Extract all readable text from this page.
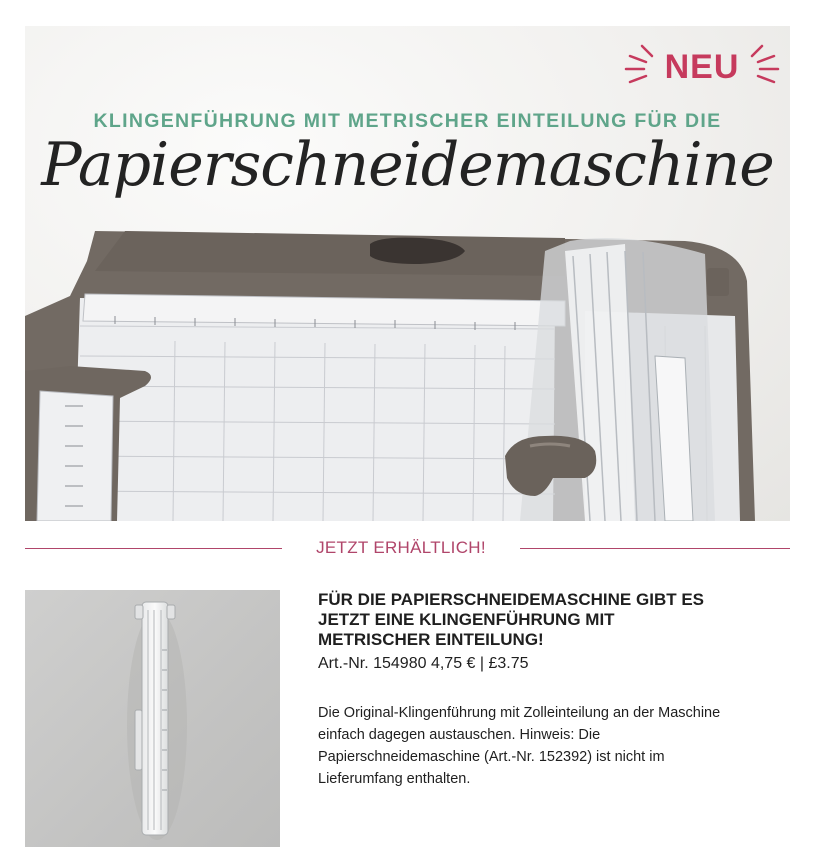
NEU
KLINGENFÜHRUNG MIT METRISCHER EINTEILUNG FÜR DIE
Papierschneidemaschine
JETZT ERHÄLTLICH!
FÜR DIE PAPIERSCHNEIDEMASCHINE GIBT ES JETZT EINE KLINGENFÜHRUNG MIT METRISCHER EINTEILUNG!
Art.-Nr. 154980 4,75 € | £3.75
Die Original-Klingenführung mit Zolleinteilung an der Maschine einfach dagegen austauschen. Hinweis: Die Papierschneidemaschine (Art.-Nr. 152392) ist nicht im Lieferumfang enthalten.
